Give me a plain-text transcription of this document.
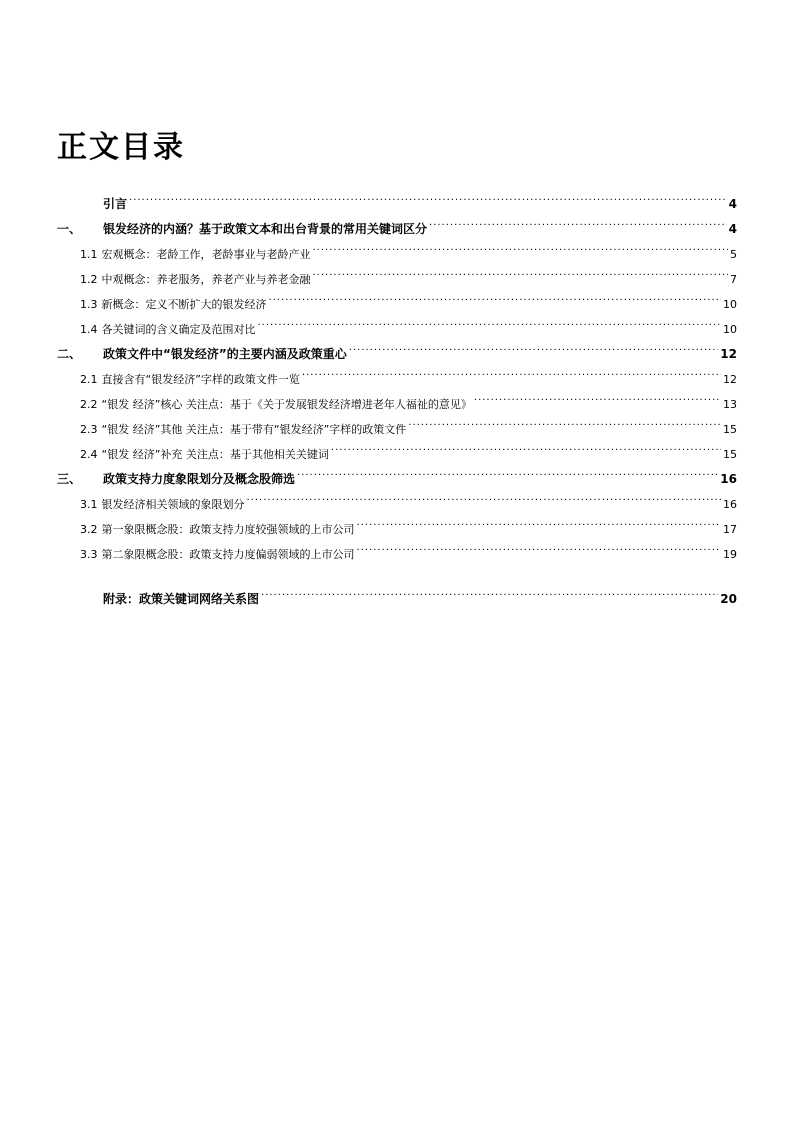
正文目录
引言 .....	4
一、	银发经济的内涵？基于政策文本和出台背景的常用关键词区分 .....	4
1.1 宏观概念：老龄工作，老龄事业与老龄产业 .....	5
1.2 中观概念：养老服务，养老产业与养老金融 .....	7
1.3 新概念：定义不断扩大的银发经济 .....	10
1.4 各关键词的含义确定及范围对比 .....	10
二、	政策文件中“银发经济”的主要内涵及政策重心 .....	12
2.1 直接含有“银发经济”字样的政策文件一览 .....	12
2.2 “银发 经济”核心 关注点：基于《关于发展银发经济增进老年人福祉的意见》 .....	13
2.3 “银发 经济”其他 关注点：基于带有“银发经济”字样的政策文件 .....	15
2.4 “银发 经济”补充 关注点：基于其他相关关键词 .....	15
三、	政策支持力度象限划分及概念股筛选 .....	16
3.1 银发经济相关领域的象限划分 .....	16
3.2 第一象限概念股：政策支持力度较强领域的上市公司 .....	17
3.3 第二象限概念股：政策支持力度偏弱领域的上市公司 .....	19
附录：政策关键词网络关系图 .....	20
